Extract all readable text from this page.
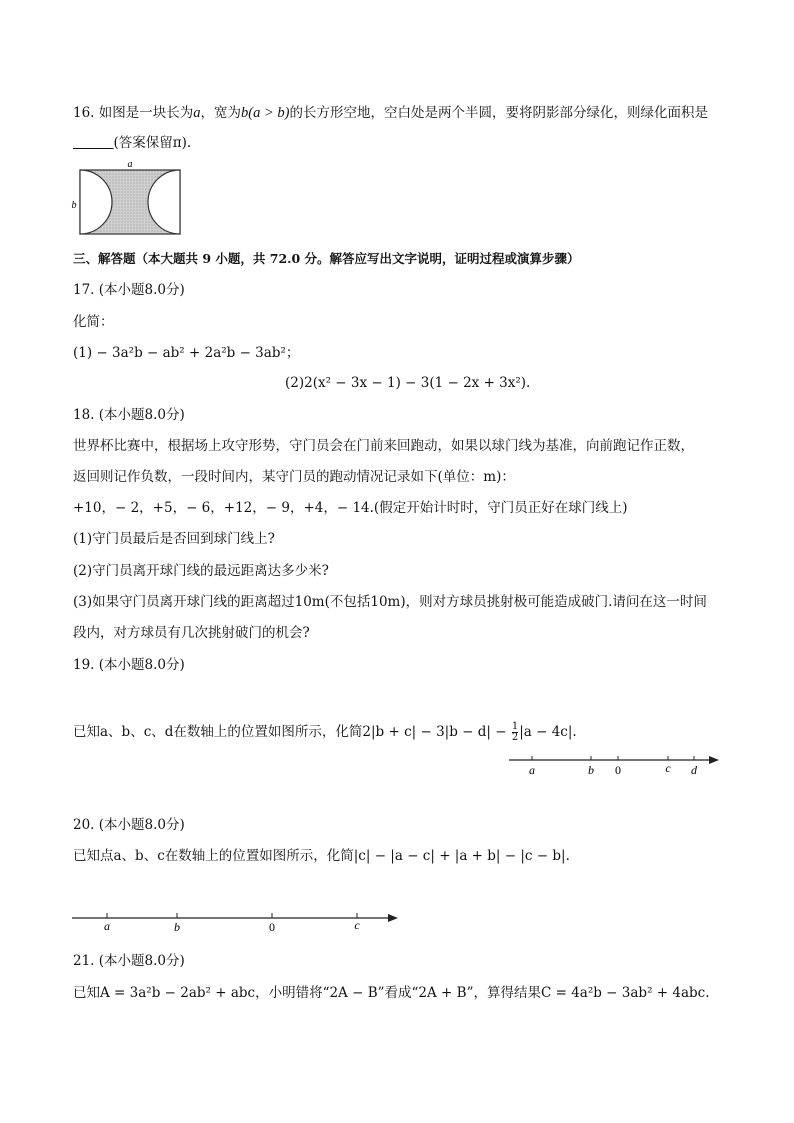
16. 如图是一块长为a，宽为b(a > b)的长方形空地，空白处是两个半圆，要将阴影部分绿化，则绿化面积是
(答案保留π).
a
b
三、解答题（本大题共 9 小题，共 72.0 分。解答应写出文字说明，证明过程或演算步骤）
17. (本小题8.0分)
化简：
(1) − 3a²b − ab² + 2a²b − 3ab²；
(2)2(x² − 3x − 1) − 3(1 − 2x + 3x²).
18. (本小题8.0分)
世界杯比赛中，根据场上攻守形势，守门员会在门前来回跑动，如果以球门线为基准，向前跑记作正数，
返回则记作负数，一段时间内，某守门员的跑动情况记录如下(单位：m)：
+10，− 2，+5，− 6，+12，− 9，+4，− 14.(假定开始计时时，守门员正好在球门线上)
(1)守门员最后是否回到球门线上?
(2)守门员离开球门线的最远距离达多少米?
(3)如果守门员离开球门线的距离超过10m(不包括10m)，则对方球员挑射极可能造成破门.请问在这一时间
段内，对方球员有几次挑射破门的机会?
19. (本小题8.0分)
已知a、b、c、d在数轴上的位置如图所示，化简$2|b + c| - 3|b - d| - \frac{1}{2} |a - 4c|$.
a	b 0	c d
20. (本小题8.0分)
已知点a、b、c在数轴上的位置如图所示，化简|c| − |a − c| + |a + b| − |c − b|.
a	b	0	c
21. (本小题8.0分)
已知A = 3a²b − 2ab² + abc，小明错将“2A − B”看成“2A + B”，算得结果C = 4a²b − 3ab² + 4abc.
